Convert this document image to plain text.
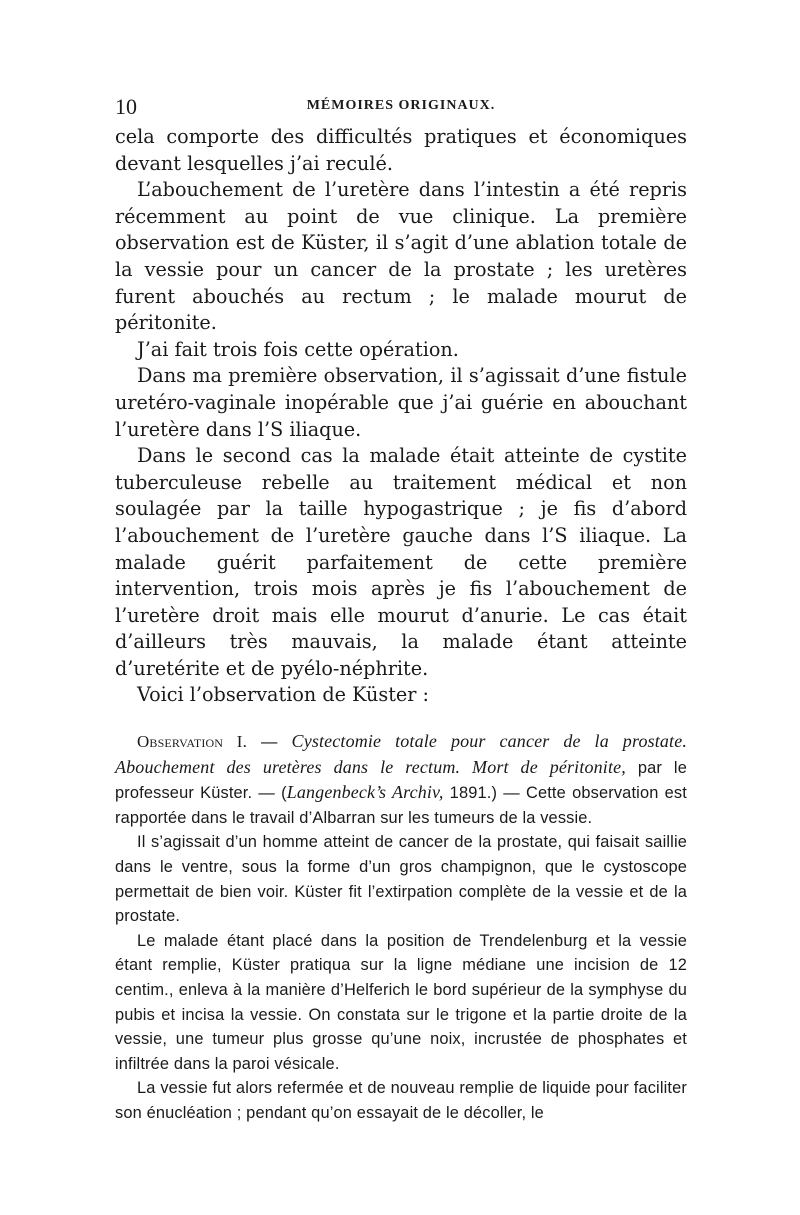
10	MÉMOIRES ORIGINAUX.

cela comporte des difficultés pratiques et économiques devant lesquelles j’ai reculé.

L’abouchement de l’uretère dans l’intestin a été repris récemment au point de vue clinique. La première observation est de Küster, il s’agit d’une ablation totale de la vessie pour un cancer de la prostate ; les uretères furent abouchés au rectum ; le malade mourut de péritonite.

J’ai fait trois fois cette opération.

Dans ma première observation, il s’agissait d’une fistule uretéro-vaginale inopérable que j’ai guérie en abouchant l’uretère dans l’S iliaque.

Dans le second cas la malade était atteinte de cystite tuberculeuse rebelle au traitement médical et non soulagée par la taille hypogastrique ; je fis d’abord l’abouchement de l’uretère gauche dans l’S iliaque. La malade guérit parfaitement de cette première intervention, trois mois après je fis l’abouchement de l’uretère droit mais elle mourut d’anurie. Le cas était d’ailleurs très mauvais, la malade étant atteinte d’uretérite et de pyélo-néphrite.

Voici l’observation de Küster :

Observation I. — Cystectomie totale pour cancer de la prostate. Abouchement des uretères dans le rectum. Mort de péritonite, par le professeur Küster. — (Langenbeck’s Archiv, 1891.) — Cette observation est rapportée dans le travail d’Albarran sur les tumeurs de la vessie.

Il s’agissait d’un homme atteint de cancer de la prostate, qui faisait saillie dans le ventre, sous la forme d’un gros champignon, que le cystoscope permettait de bien voir. Küster fit l’extirpation complète de la vessie et de la prostate.

Le malade étant placé dans la position de Trendelenburg et la vessie étant remplie, Küster pratiqua sur la ligne médiane une incision de 12 centim., enleva à la manière d’Helferich le bord supérieur de la symphyse du pubis et incisa la vessie. On constata sur le trigone et la partie droite de la vessie, une tumeur plus grosse qu’une noix, incrustée de phosphates et infiltrée dans la paroi vésicale.

La vessie fut alors refermée et de nouveau remplie de liquide pour faciliter son énucléation ; pendant qu’on essayait de le décoller, le
